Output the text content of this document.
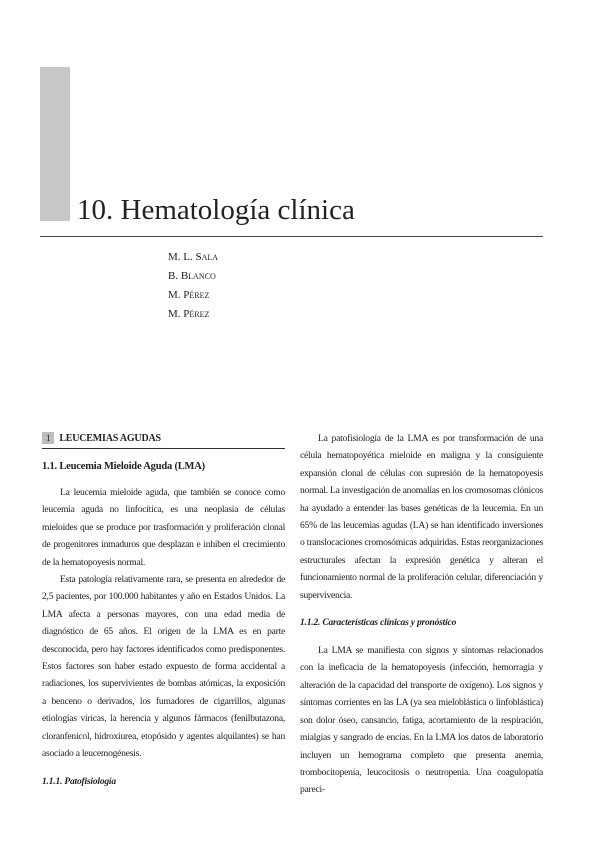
10. Hematología clínica
M. L. Sala
B. Blanco
M. Pérez
M. Pérez
1 LEUCEMIAS AGUDAS
1.1. Leucemia Mieloide Aguda (LMA)

La leucemia mieloide aguda, que también se conoce como leucemia aguda no linfocítica, es una neoplasia de células mieloides que se produce por trasformación y proliferación clonal de progenitores inmaduros que desplazan e inhiben el crecimiento de la hematopoyesis normal.

Esta patología relativamente rara, se presenta en alrededor de 2,5 pacientes, por 100.000 habitantes y año en Estados Unidos. La LMA afecta a personas mayores, con una edad media de diagnóstico de 65 años. El origen de la LMA es en parte desconocida, pero hay factores identificados como predisponentes. Estos factores son haber estado expuesto de forma accidental a radiaciones, los supervivientes de bombas atómicas, la exposición a benceno o derivados, los fumadores de cigarrillos, algunas etiologías víricas, la herencia y algunos fármacos (fenilbutazona, cloranfenicol, hidroxiurea, etopósido y agentes alquilantes) se han asociado a leucemogénesis.

1.1.1. Patofisiología

La patofisiología de la LMA es por transformación de una célula hematopoyética mieloide en maligna y la consiguiente expansión clonal de células con supresión de la hematopoyesis normal. La investigación de anomalías en los cromosomas clónicos ha ayudado a entender las bases genéticas de la leucemia. En un 65% de las leucemias agudas (LA) se han identificado inversiones o translocaciones cromosómicas adquiridas. Estas reorganizaciones estructurales afectan la expresión genética y alteran el funcionamiento normal de la proliferación celular, diferenciación y supervivencia.

1.1.2. Características clínicas y pronóstico

La LMA se manifiesta con signos y síntomas relacionados con la ineficacia de la hematopoyesis (infección, hemorragia y alteración de la capacidad del transporte de oxígeno). Los signos y síntomas corrientes en las LA (ya sea mieloblástica o linfoblástica) son dolor óseo, cansancio, fatiga, acortamiento de la respiración, mialgias y sangrado de encías. En la LMA los datos de laboratorio incluyen un hemograma completo que presenta anemia, trombocitopenia, leucocitosis o neutropenia. Una coagulopatía pareci-
